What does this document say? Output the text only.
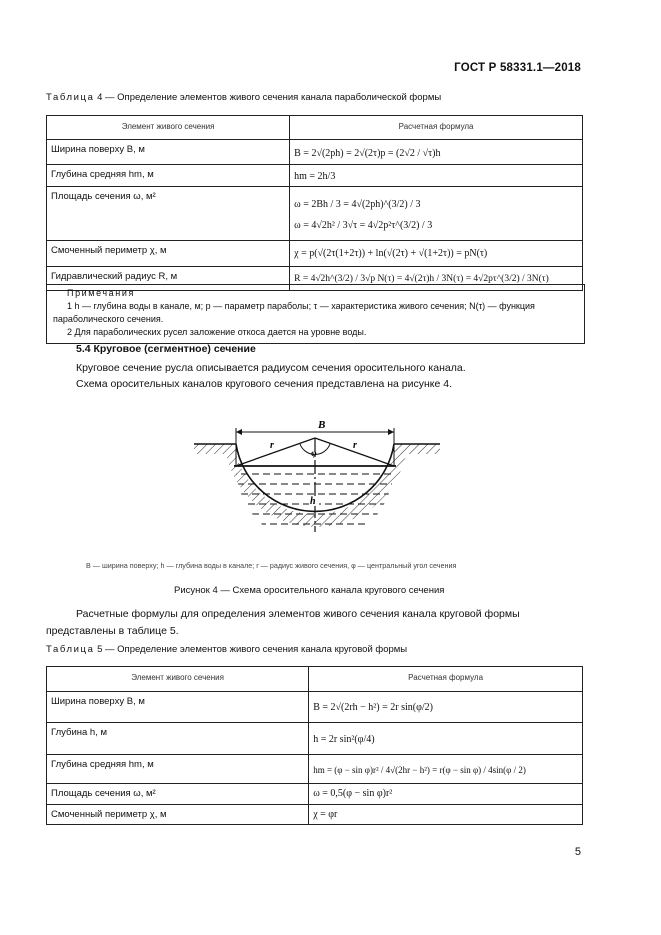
ГОСТ Р 58331.1—2018
Таблица 4 — Определение элементов живого сечения канала параболической формы
Элемент живого сечения	Расчетная формула
Ширина поверху B, м	B = 2√(2ph) = 2√(2τ)p = (2√2 / √τ)h
Глубина средняя hm, м	hm = 2h/3
Площадь сечения ω, м²	ω = 2Bh / 3 = 4√(2ph)^(3/2) / 3
ω = 4√2h² / 3√τ = 4√2p²τ^(3/2) / 3

Смоченный периметр χ, м	χ = p(√(2τ(1+2τ)) + ln(√(2τ) + √(1+2τ)) = pN(τ)
Гидравлический радиус R, м	R = 4√2h^(3/2) / 3√p N(τ) = 4√(2τ)h / 3N(τ) = 4√2pτ^(3/2) / 3N(τ)
Примечания
1 h — глубина воды в канале, м; p — параметр параболы; τ — характеристика живого сечения; N(τ) — функция параболического сечения.
2 Для параболических русел заложение откоса дается на уровне воды.
5.4 Круговое (сегментное) сечение
Круговое сечение русла описывается радиусом сечения оросительного канала.
Схема оросительных каналов кругового сечения представлена на рисунке 4.
B
r	r
φ
h
B — ширина поверху; h — глубина воды в канале; r — радиус живого сечения, φ — центральный угол сечения
Рисунок 4 — Схема оросительного канала кругового сечения
Расчетные формулы для определения элементов живого сечения канала круговой формы представлены в таблице 5.
Таблица 5 — Определение элементов живого сечения канала круговой формы
Элемент живого сечения	Расчетная формула
Ширина поверху B, м	B = 2√(2rh − h²) = 2r sin(φ/2)
Глубина h, м	h = 2r sin²(φ/4)
Глубина средняя hm, м	hm = (φ − sin φ)r² / 4√(2hr − h²) = r(φ − sin φ) / 4sin(φ / 2)
Площадь сечения ω, м²	ω = 0,5(φ − sin φ)r²
Смоченный периметр χ, м	χ = φr
5
